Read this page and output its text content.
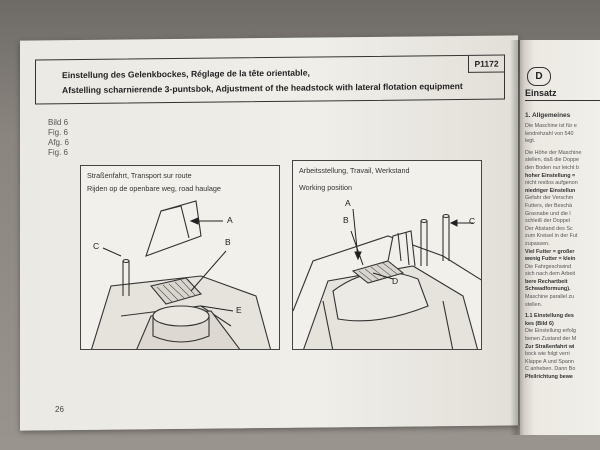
D
Einsatz
1. Allgemeines
Die Maschine ist für e
lendrehzahl von 540
legt.
Die Höhe der Maschine
stellen, daß die Doppe
den Boden nur leicht b
hoher Einstellung =
nicht restlos aufgenon
niedriger Einstellun
Gefahr der Verschm
Futters, der Beschä
Grasnabe und die l
schleiß der Doppel
Der Abstand des Sc
zum Kreisel in der Fut
zupassen.
Viel Futter = großer
wenig Futter = klein
Die Fahrgeschwind
sich nach dem Arbeit
bere Rechartbeit
Schwadformung).
Maschine parallel zu
stellen.
1.1 Einstellung des
kes (Bild 6)
Die Einstellung erfolg
benen Zustand der M
Zur Straßenfahrt wi
bock wie folgt verri
Klappe A und Spann
C anheben. Dann Bo
Pfeilrichtung bewe
Einstellung des Gelenkbockes, Réglage de la tête orientable,
Afstelling scharnierende 3-puntsbok, Adjustment of the headstock with lateral flotation equipment
P1172
Bild 6
Fig. 6
Afg. 6
Fig. 6
Straßenfahrt, Transport sur route
Rijden op de openbare weg, road haulage
A
B
C
E
Arbeitsstellung, Travail, Werkstand
Working position
A
B	C
D
26
